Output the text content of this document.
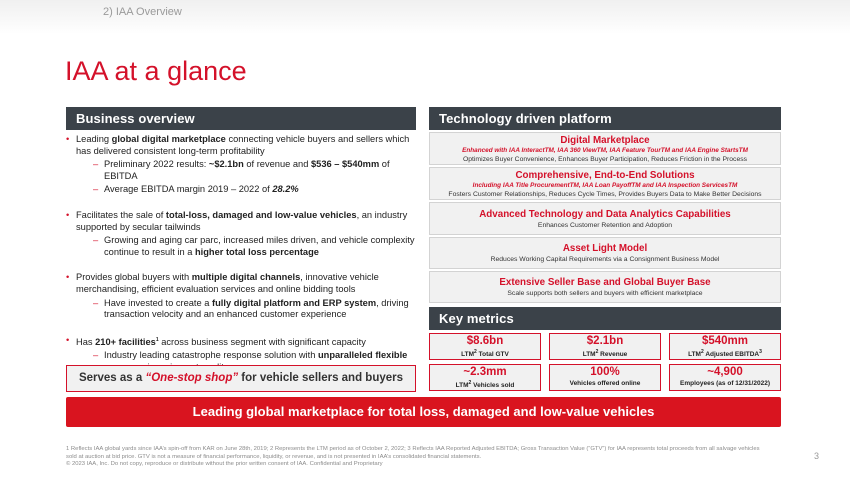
2) IAA Overview
IAA at a glance
Business overview
• Leading global digital marketplace connecting vehicle buyers and sellers which has delivered consistent long-term profitability
– Preliminary 2022 results: ~$2.1bn of revenue and $536 – $540mm of EBITDA
– Average EBITDA margin 2019 – 2022 of 28.2%
• Facilitates the sale of total-loss, damaged and low-value vehicles, an industry supported by secular tailwinds
– Growing and aging car parc, increased miles driven, and vehicle complexity continue to result in a higher total loss percentage
• Provides global buyers with multiple digital channels, innovative vehicle merchandising, efficient evaluation services and online bidding tools
– Have invested to create a fully digital platform and ERP system, driving transaction velocity and an enhanced customer experience
• Has 210+ facilities$^1$ across business segment with significant capacity
– Industry leading catastrophe response solution with unparalleled flexible
Serves as a “One-stop shop” for vehicle sellers and buyers
Technology driven platform
Digital Marketplace
Enhanced with IAA InteractTM, IAA 360 ViewTM, IAA Feature TourTM and IAA Engine StartsTM
Optimizes Buyer Convenience, Enhances Buyer Participation, Reduces Friction in the Process
Comprehensive, End-to-End Solutions
Including IAA Title ProcurementTM, IAA Loan PayoffTM and IAA Inspection ServicesTM
Fosters Customer Relationships, Reduces Cycle Times, Provides Buyers Data to Make Better Decisions
Advanced Technology and Data Analytics Capabilities
Enhances Customer Retention and Adoption
Asset Light Model
Reduces Working Capital Requirements via a Consignment Business Model
Extensive Seller Base and Global Buyer Base
Scale supports both sellers and buyers with efficient marketplace
Key metrics
$8.6bn
LTM$^2$ Total GTV
$2.1bn
LTM$^2$ Revenue
$540mm
LTM$^2$ Adjusted EBITDA$^3$
~2.3mm
LTM$^2$ Vehicles sold
100%
Vehicles offered online
~4,900
Employees (as of 12/31/2022)
Leading global marketplace for total loss, damaged and low-value vehicles
1 Reflects IAA global yards since IAA’s spin-off from KAR on June 28th, 2019; 2 Represents the LTM period as of October 2, 2022; 3 Reflects IAA Reported Adjusted EBITDA; Gross Transaction Value (“GTV”) for IAA represents total proceeds from all salvage vehicles sold at auction at bid price. GTV is not a measure of financial performance, liquidity, or revenue, and is not presented in IAA’s consolidated financial statements.
© 2023 IAA, Inc. Do not copy, reproduce or distribute without the prior written consent of IAA. Confidential and Proprietary
3
